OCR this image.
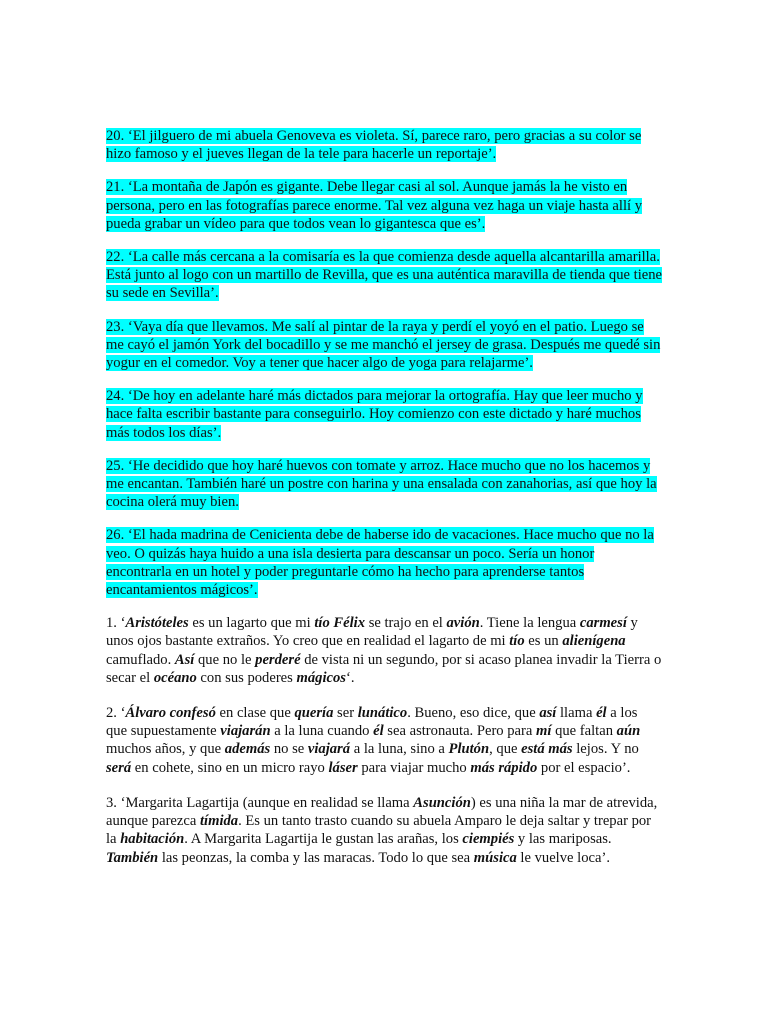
20. ‘El jilguero de mi abuela Genoveva es violeta. Sí, parece raro, pero gracias a su color se hizo famoso y el jueves llegan de la tele para hacerle un reportaje’.

21. ‘La montaña de Japón es gigante. Debe llegar casi al sol. Aunque jamás la he visto en persona, pero en las fotografías parece enorme. Tal vez alguna vez haga un viaje hasta allí y pueda grabar un vídeo para que todos vean lo gigantesca que es’.

22. ‘La calle más cercana a la comisaría es la que comienza desde aquella alcantarilla amarilla. Está junto al logo con un martillo de Revilla, que es una auténtica maravilla de tienda que tiene su sede en Sevilla’.

23. ‘Vaya día que llevamos. Me salí al pintar de la raya y perdí el yoyó en el patio. Luego se me cayó el jamón York del bocadillo y se me manchó el jersey de grasa. Después me quedé sin yogur en el comedor. Voy a tener que hacer algo de yoga para relajarme’.

24. ‘De hoy en adelante haré más dictados para mejorar la ortografía. Hay que leer mucho y hace falta escribir bastante para conseguirlo. Hoy comienzo con este dictado y haré muchos más todos los días’.

25. ‘He decidido que hoy haré huevos con tomate y arroz. Hace mucho que no los hacemos y me encantan. También haré un postre con harina y una ensalada con zanahorias, así que hoy la cocina olerá muy bien.

26. ‘El hada madrina de Cenicienta debe de haberse ido de vacaciones. Hace mucho que no la veo. O quizás haya huido a una isla desierta para descansar un poco. Sería un honor encontrarla en un hotel y poder preguntarle cómo ha hecho para aprenderse tantos encantamientos mágicos’.

1. ‘Aristóteles es un lagarto que mi tío Félix se trajo en el avión. Tiene la lengua carmesí y unos ojos bastante extraños. Yo creo que en realidad el lagarto de mi tío es un alienígena camuflado. Así que no le perderé de vista ni un segundo, por si acaso planea invadir la Tierra o secar el océano con sus poderes mágicos‘.

2. ‘Álvaro confesó en clase que quería ser lunático. Bueno, eso dice, que así llama él a los que supuestamente viajarán a la luna cuando él sea astronauta. Pero para mí que faltan aún muchos años, y que además no se viajará a la luna, sino a Plutón, que está más lejos. Y no será en cohete, sino en un micro rayo láser para viajar mucho más rápido por el espacio’.

3. ‘Margarita Lagartija (aunque en realidad se llama Asunción) es una niña la mar de atrevida, aunque parezca tímida. Es un tanto trasto cuando su abuela Amparo le deja saltar y trepar por la habitación. A Margarita Lagartija le gustan las arañas, los ciempiés y las mariposas. También las peonzas, la comba y las maracas. Todo lo que sea música le vuelve loca’.
